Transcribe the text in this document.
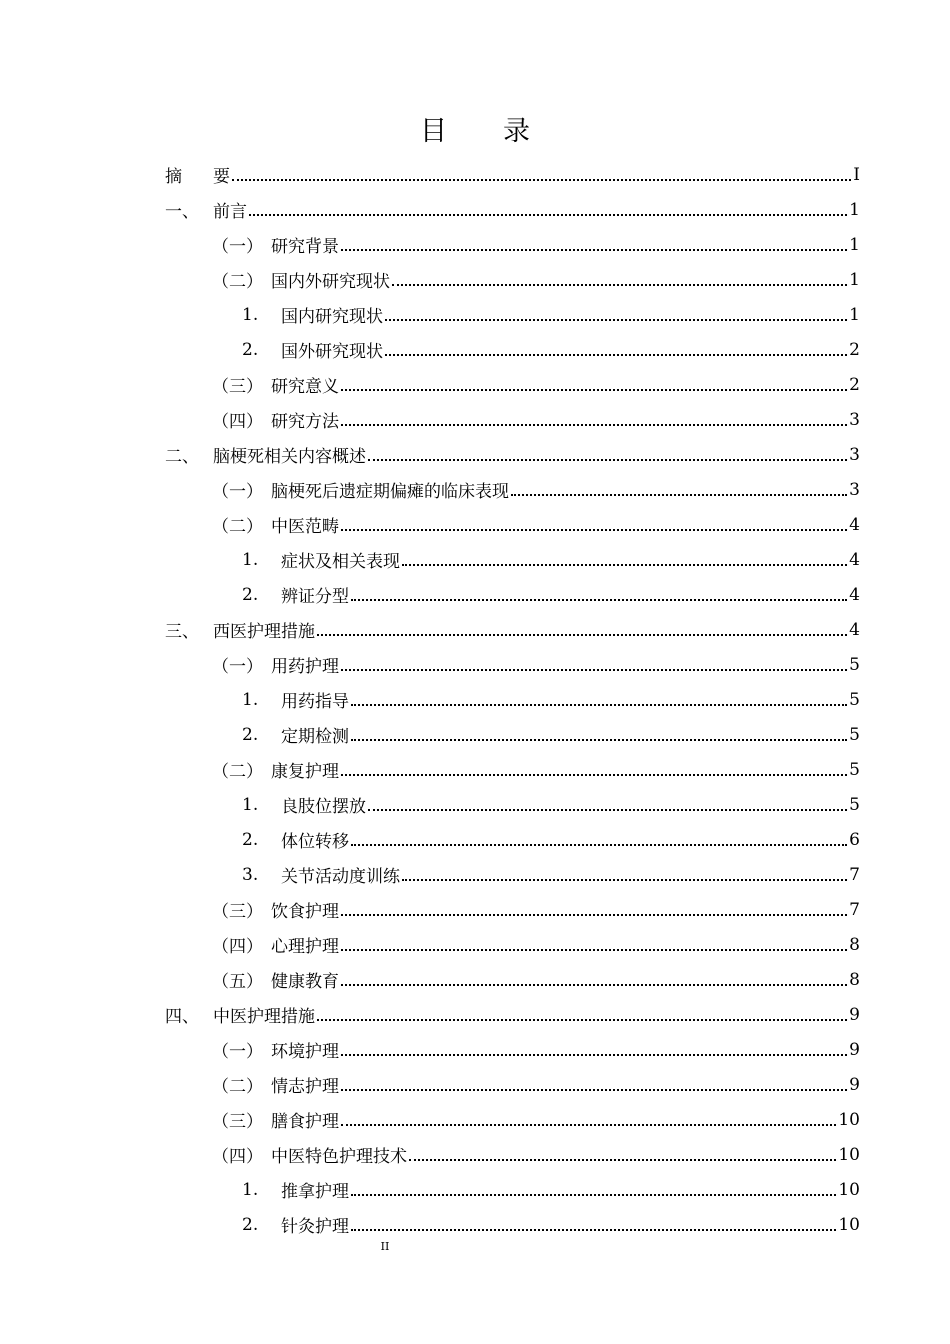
目 录
摘	要	I
一、 前言	1
（一） 研究背景	1
（二） 国内外研究现状	1
1.	国内研究现状	1
2.	国外研究现状	2
（三） 研究意义	2
（四） 研究方法	3
二、 脑梗死相关内容概述	3
（一） 脑梗死后遗症期偏瘫的临床表现	3
（二） 中医范畴	4
1.	症状及相关表现	4
2.	辨证分型	4
三、 西医护理措施	4
（一） 用药护理	5
1.	用药指导	5
2.	定期检测	5
（二） 康复护理	5
1.	良肢位摆放	5
2.	体位转移	6
3.	关节活动度训练	7
（三） 饮食护理	7
（四） 心理护理	8
（五） 健康教育	8
四、 中医护理措施	9
（一） 环境护理	9
（二） 情志护理	9
（三） 膳食护理	10
（四） 中医特色护理技术	10
1.	推拿护理	10
2.	针灸护理	10
II
